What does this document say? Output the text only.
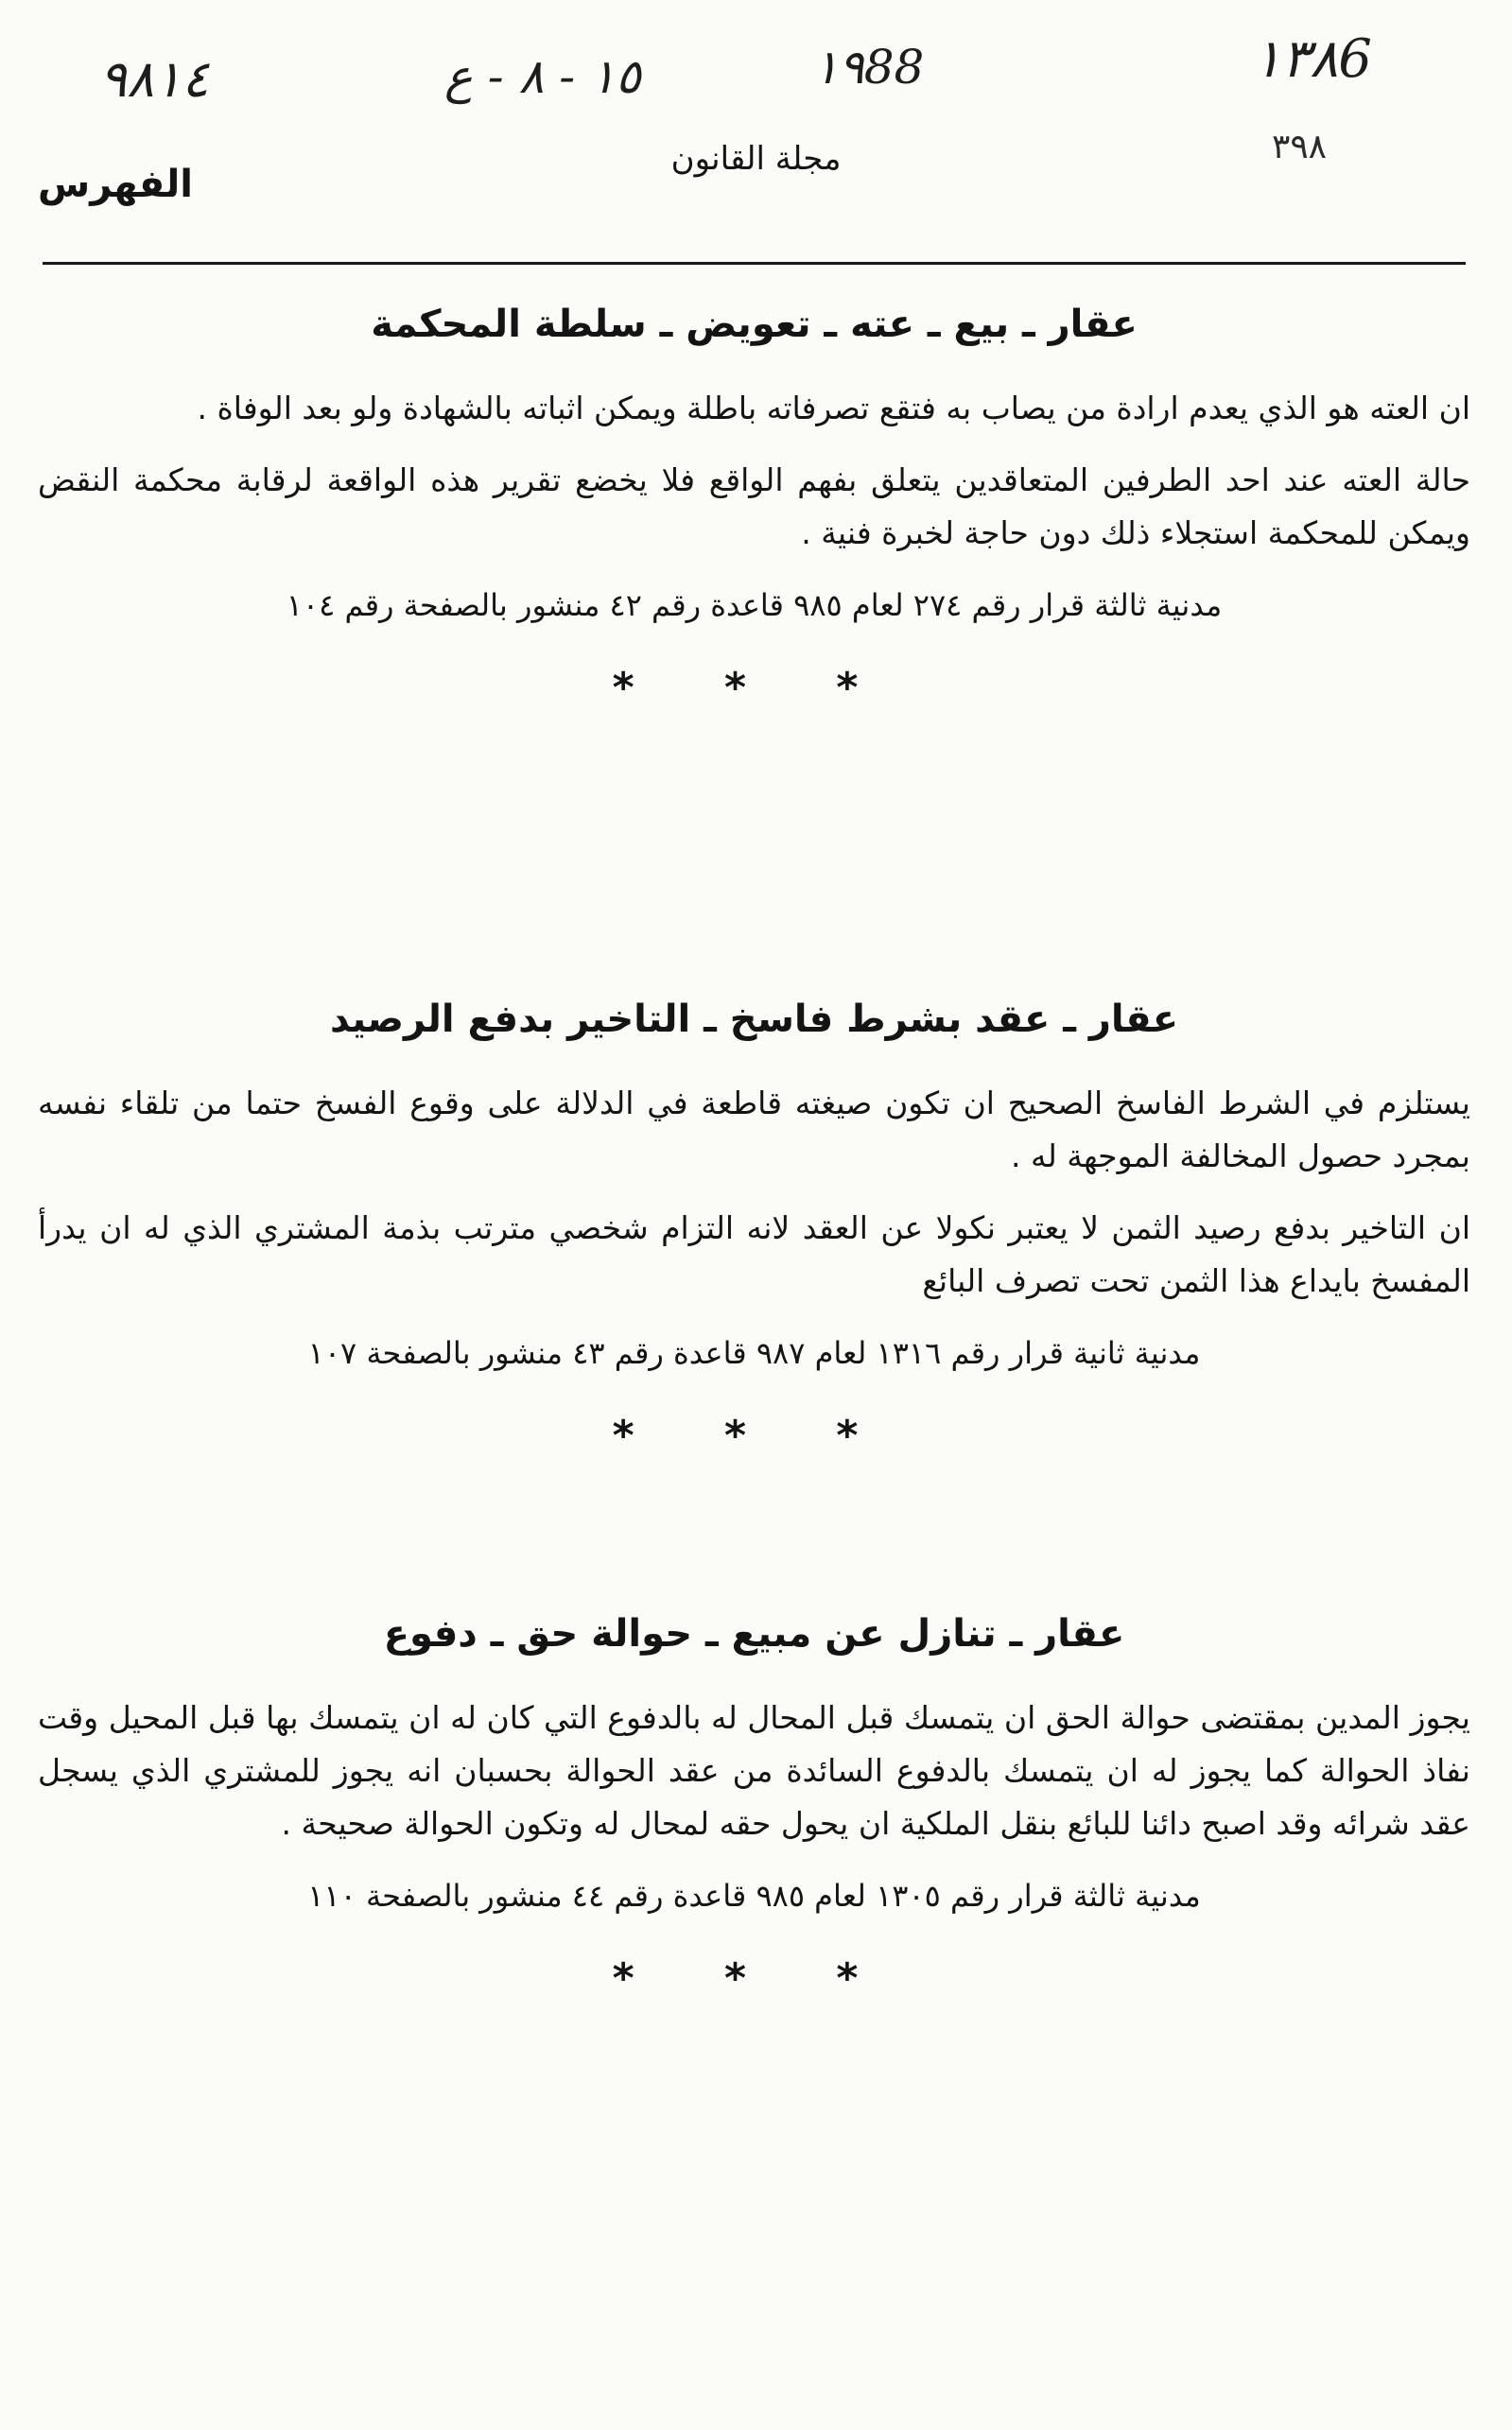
٩٨١٤	١٥ - ٨ - ع	١٩88	١٣٨6
٣٩٨
مجلة القانون
الفهرس
عقار ـ بيع ـ عته ـ تعويض ـ سلطة المحكمة

ان العته هو الذي يعدم ارادة من يصاب به فتقع تصرفاته باطلة ويمكن اثباته بالشهادة ولو بعد الوفاة .

حالة العته عند احد الطرفين المتعاقدين يتعلق بفهم الواقع فلا يخضع تقرير هذه الواقعة لرقابة محكمة النقض ويمكن للمحكمة استجلاء ذلك دون حاجة لخبرة فنية .

مدنية ثالثة قرار رقم ٢٧٤ لعام ٩٨٥ قاعدة رقم ٤٢ منشور بالصفحة رقم ١٠٤
* * *
عقار ـ عقد بشرط فاسخ ـ التاخير بدفع الرصيد

يستلزم في الشرط الفاسخ الصحيح ان تكون صيغته قاطعة في الدلالة على وقوع الفسخ حتما من تلقاء نفسه بمجرد حصول المخالفة الموجهة له .

ان التاخير بدفع رصيد الثمن لا يعتبر نكولا عن العقد لانه التزام شخصي مترتب بذمة المشتري الذي له ان يدرأ المفسخ بايداع هذا الثمن تحت تصرف البائع

مدنية ثانية قرار رقم ١٣١٦ لعام ٩٨٧ قاعدة رقم ٤٣ منشور بالصفحة ١٠٧
* * *
عقار ـ تنازل عن مبيع ـ حوالة حق ـ دفوع

يجوز المدين بمقتضى حوالة الحق ان يتمسك قبل المحال له بالدفوع التي كان له ان يتمسك بها قبل المحيل وقت نفاذ الحوالة كما يجوز له ان يتمسك بالدفوع السائدة من عقد الحوالة بحسبان انه يجوز للمشتري الذي يسجل عقد شرائه وقد اصبح دائنا للبائع بنقل الملكية ان يحول حقه لمحال له وتكون الحوالة صحيحة .

مدنية ثالثة قرار رقم ١٣٠٥ لعام ٩٨٥ قاعدة رقم ٤٤ منشور بالصفحة ١١٠
* * *
